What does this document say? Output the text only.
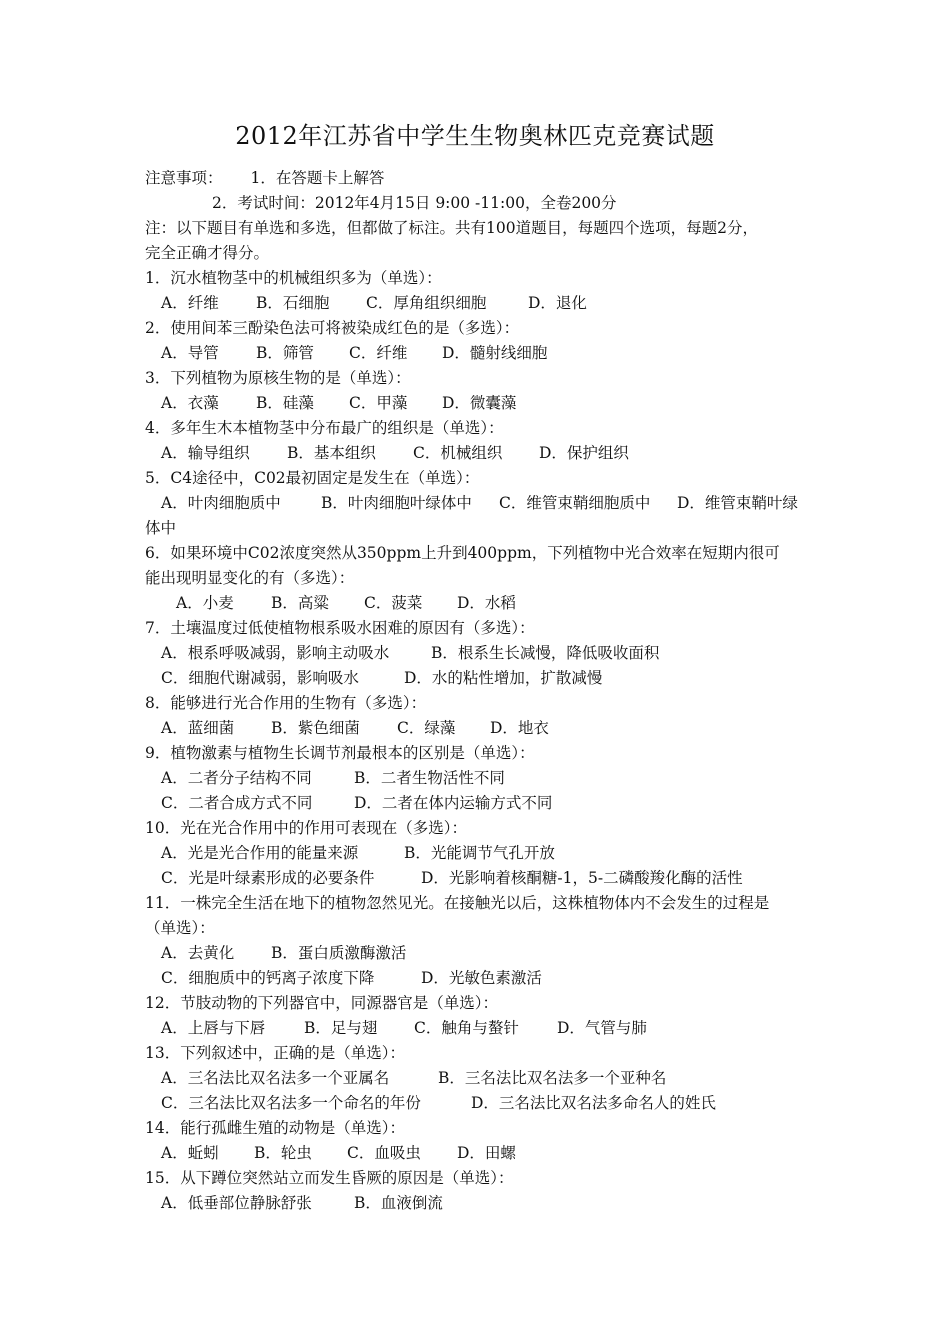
2012年江苏省中学生生物奥林匹克竞赛试题
注意事项： 1．在答题卡上解答
2．考试时间：2012年4月15日 9:00 -11:00，全卷200分
注：以下题目有单选和多选，但都做了标注。共有100道题目，每题四个选项，每题2分，
完全正确才得分。
1．沉水植物茎中的机械组织多为（单选）：
A．纤维 B．石细胞 C．厚角组织细胞	D．退化
2．使用间苯三酚染色法可将被染成红色的是（多选）：
A．导管 B．筛管 C．纤维 D．髓射线细胞
3．下列植物为原核生物的是（单选）：
A．衣藻 B．硅藻 C．甲藻 D．微囊藻
4．多年生木本植物茎中分布最广的组织是（单选）：
A．输导组织 B．基本组织 C．机械组织 D．保护组织
5．C4途径中，C02最初固定是发生在（单选）：
A．叶肉细胞质中	B．叶肉细胞叶绿体中 C．维管束鞘细胞质中 D．维管束鞘叶绿
体中
6．如果环境中C02浓度突然从350ppm上升到400ppm，下列植物中光合效率在短期内很可
能出现明显变化的有（多选）：
A．小麦 B．高粱 C．菠菜 D．水稻
7．土壤温度过低使植物根系吸水困难的原因有（多选）：
A．根系呼吸减弱，影响主动吸水	B．根系生长减慢，降低吸收面积
C．细胞代谢减弱，影响吸水	D．水的粘性增加，扩散减慢
8．能够进行光合作用的生物有（多选）：
A．蓝细菌 B．紫色细菌 C．绿藻 D．地衣
9．植物激素与植物生长调节剂最根本的区别是（单选）：
A．二者分子结构不同	B．二者生物活性不同
C．二者合成方式不同	D．二者在体内运输方式不同
10．光在光合作用中的作用可表现在（多选）：
A．光是光合作用的能量来源	B．光能调节气孔开放
C．光是叶绿素形成的必要条件	D．光影响着核酮糖-1，5-二磷酸羧化酶的活性
11．一株完全生活在地下的植物忽然见光。在接触光以后，这株植物体内不会发生的过程是
（单选）：
A．去黄化 B．蛋白质激酶激活
C．细胞质中的钙离子浓度下降	D．光敏色素激活
12．节肢动物的下列器官中，同源器官是（单选）：
A．上唇与下唇	B．足与翅 C．触角与螯针 D．气管与肺
13．下列叙述中，正确的是（单选）：
A．三名法比双名法多一个亚属名	B．三名法比双名法多一个亚种名
C．三名法比双名法多一个命名的年份	D．三名法比双名法多命名人的姓氏
14．能行孤雌生殖的动物是（单选）：
A．蚯蚓 B．轮虫 C．血吸虫 D．田螺
15．从下蹲位突然站立而发生昏厥的原因是（单选）：
A．低垂部位静脉舒张	B．血液倒流
